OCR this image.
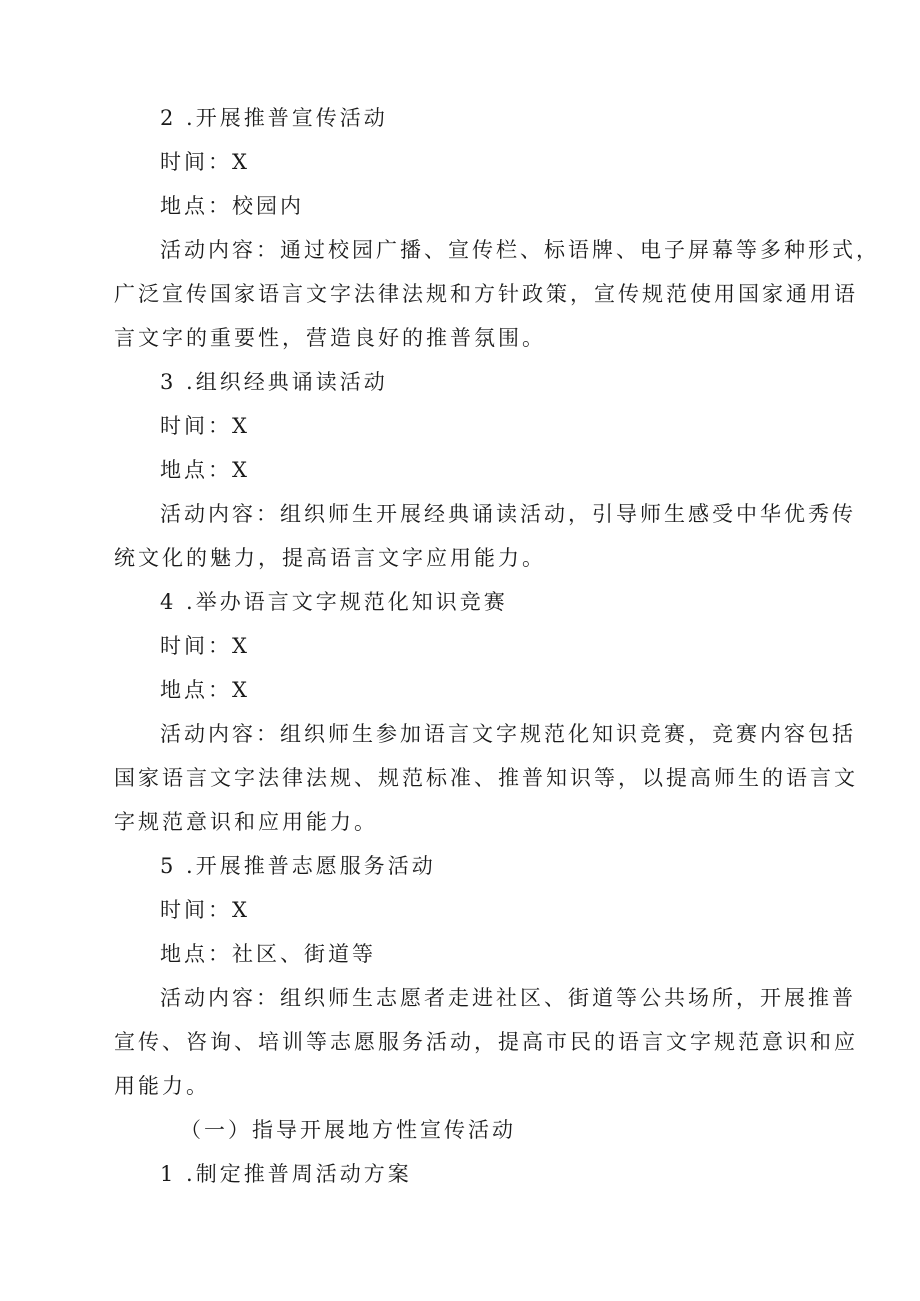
2 .开展推普宣传活动
时间：X
地点：校园内
活动内容：通过校园广播、宣传栏、标语牌、电子屏幕等多种形式，
广泛宣传国家语言文字法律法规和方针政策，宣传规范使用国家通用语
言文字的重要性，营造良好的推普氛围。
3 .组织经典诵读活动
时间：X
地点：X
活动内容：组织师生开展经典诵读活动，引导师生感受中华优秀传
统文化的魅力，提高语言文字应用能力。
4 .举办语言文字规范化知识竞赛
时间：X
地点：X
活动内容：组织师生参加语言文字规范化知识竞赛，竞赛内容包括
国家语言文字法律法规、规范标准、推普知识等，以提高师生的语言文
字规范意识和应用能力。
5 .开展推普志愿服务活动
时间：X
地点：社区、街道等
活动内容：组织师生志愿者走进社区、街道等公共场所，开展推普
宣传、咨询、培训等志愿服务活动，提高市民的语言文字规范意识和应
用能力。
（一）指导开展地方性宣传活动
1 .制定推普周活动方案
